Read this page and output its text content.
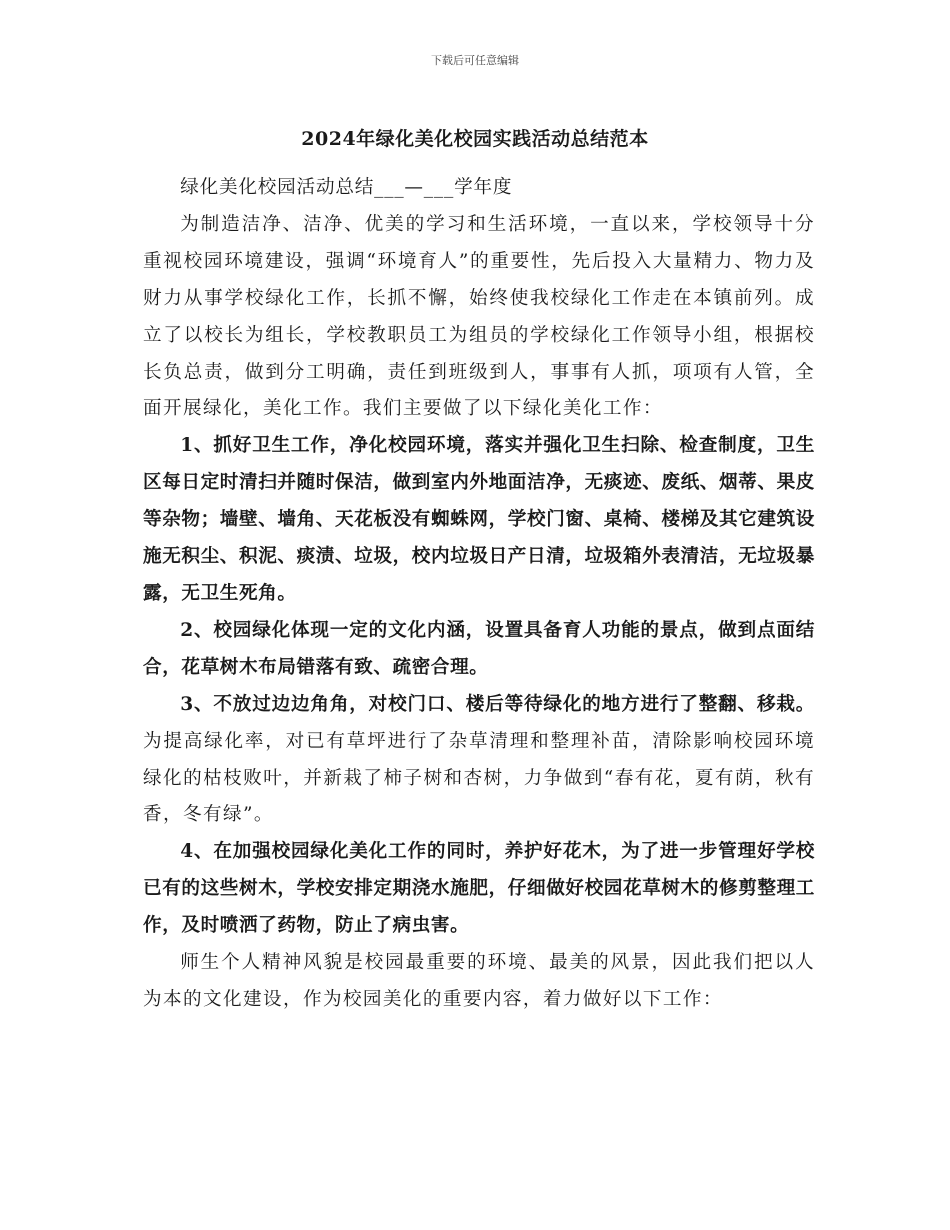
下载后可任意编辑
2024年绿化美化校园实践活动总结范本

绿化美化校园活动总结___—___学年度

为制造洁净、洁净、优美的学习和生活环境，一直以来，学校领导十分重视校园环境建设，强调“环境育人”的重要性，先后投入大量精力、物力及财力从事学校绿化工作，长抓不懈，始终使我校绿化工作走在本镇前列。成立了以校长为组长，学校教职员工为组员的学校绿化工作领导小组，根据校长负总责，做到分工明确，责任到班级到人，事事有人抓，项项有人管，全面开展绿化，美化工作。我们主要做了以下绿化美化工作：

1、抓好卫生工作，净化校园环境，落实并强化卫生扫除、检查制度，卫生区每日定时清扫并随时保洁，做到室内外地面洁净，无痰迹、废纸、烟蒂、果皮等杂物；墙壁、墙角、天花板没有蜘蛛网，学校门窗、桌椅、楼梯及其它建筑设施无积尘、积泥、痰渍、垃圾，校内垃圾日产日清，垃圾箱外表清洁，无垃圾暴露，无卫生死角。

2、校园绿化体现一定的文化内涵，设置具备育人功能的景点，做到点面结合，花草树木布局错落有致、疏密合理。

3、不放过边边角角，对校门口、楼后等待绿化的地方进行了整翻、移栽。为提高绿化率，对已有草坪进行了杂草清理和整理补苗，清除影响校园环境绿化的枯枝败叶，并新栽了柿子树和杏树，力争做到“春有花，夏有荫，秋有香，冬有绿”。

4、在加强校园绿化美化工作的同时，养护好花木，为了进一步管理好学校已有的这些树木，学校安排定期浇水施肥，仔细做好校园花草树木的修剪整理工作，及时喷洒了药物，防止了病虫害。

师生个人精神风貌是校园最重要的环境、最美的风景，因此我们把以人为本的文化建设，作为校园美化的重要内容，着力做好以下工作：
